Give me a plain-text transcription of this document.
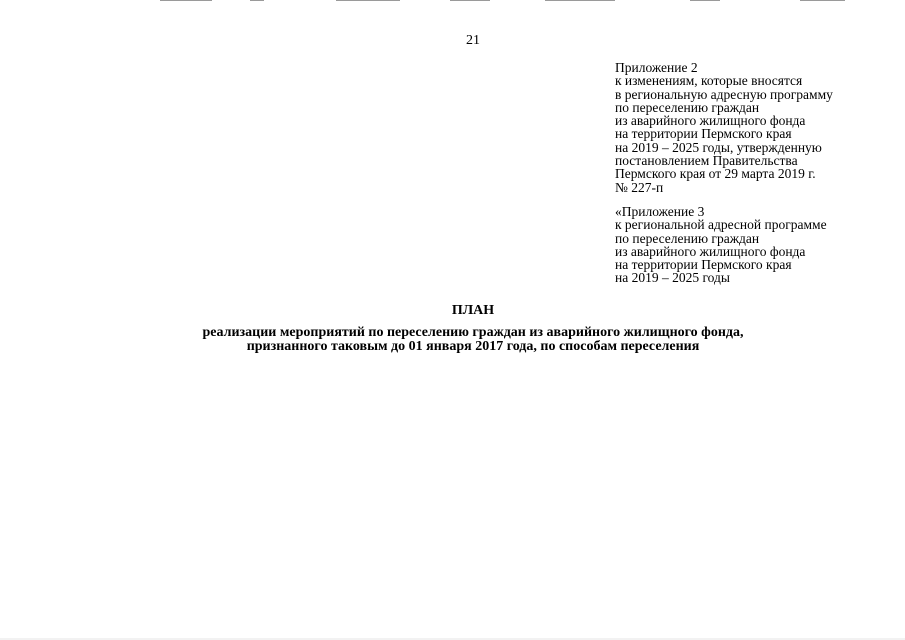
21
Приложение 2
к изменениям, которые вносятся
в региональную адресную программу
по переселению граждан
из аварийного жилищного фонда
на территории Пермского края
на 2019 – 2025 годы, утвержденную
постановлением Правительства
Пермского края от 29 марта 2019 г.
№ 227-п
«Приложение 3
к региональной адресной программе
по переселению граждан
из аварийного жилищного фонда
на территории Пермского края
на 2019 – 2025 годы
ПЛАН
реализации мероприятий по переселению граждан из аварийного жилищного фонда,
признанного таковым до 01 января 2017 года, по способам переселения
